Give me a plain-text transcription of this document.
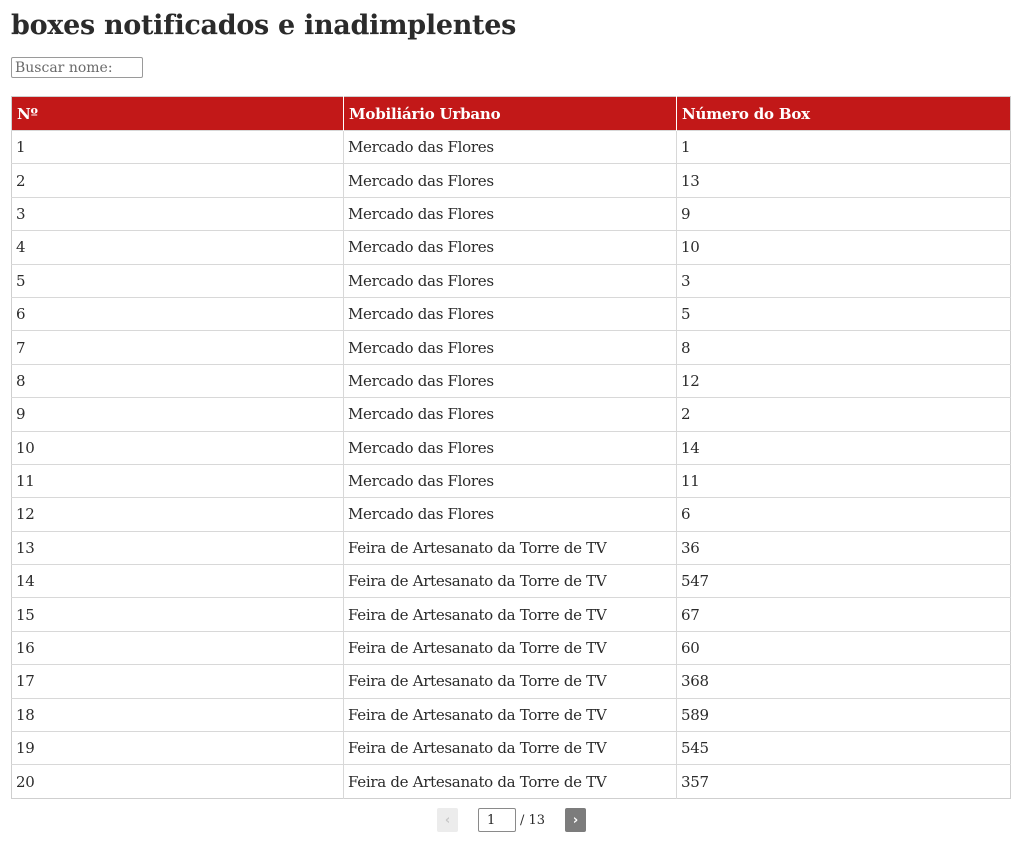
boxes notificados e inadimplentes
Buscar nome:
Nº	Mobiliário Urbano	Número do Box
1	Mercado das Flores	1
2	Mercado das Flores	13
3	Mercado das Flores	9
4	Mercado das Flores	10
5	Mercado das Flores	3
6	Mercado das Flores	5
7	Mercado das Flores	8
8	Mercado das Flores	12
9	Mercado das Flores	2
10	Mercado das Flores	14
11	Mercado das Flores	11
12	Mercado das Flores	6
13	Feira de Artesanato da Torre de TV	36
14	Feira de Artesanato da Torre de TV	547
15	Feira de Artesanato da Torre de TV	67
16	Feira de Artesanato da Torre de TV	60
17	Feira de Artesanato da Torre de TV	368
18	Feira de Artesanato da Torre de TV	589
19	Feira de Artesanato da Torre de TV	545
20	Feira de Artesanato da Torre de TV	357
‹
1	/ 13	›
